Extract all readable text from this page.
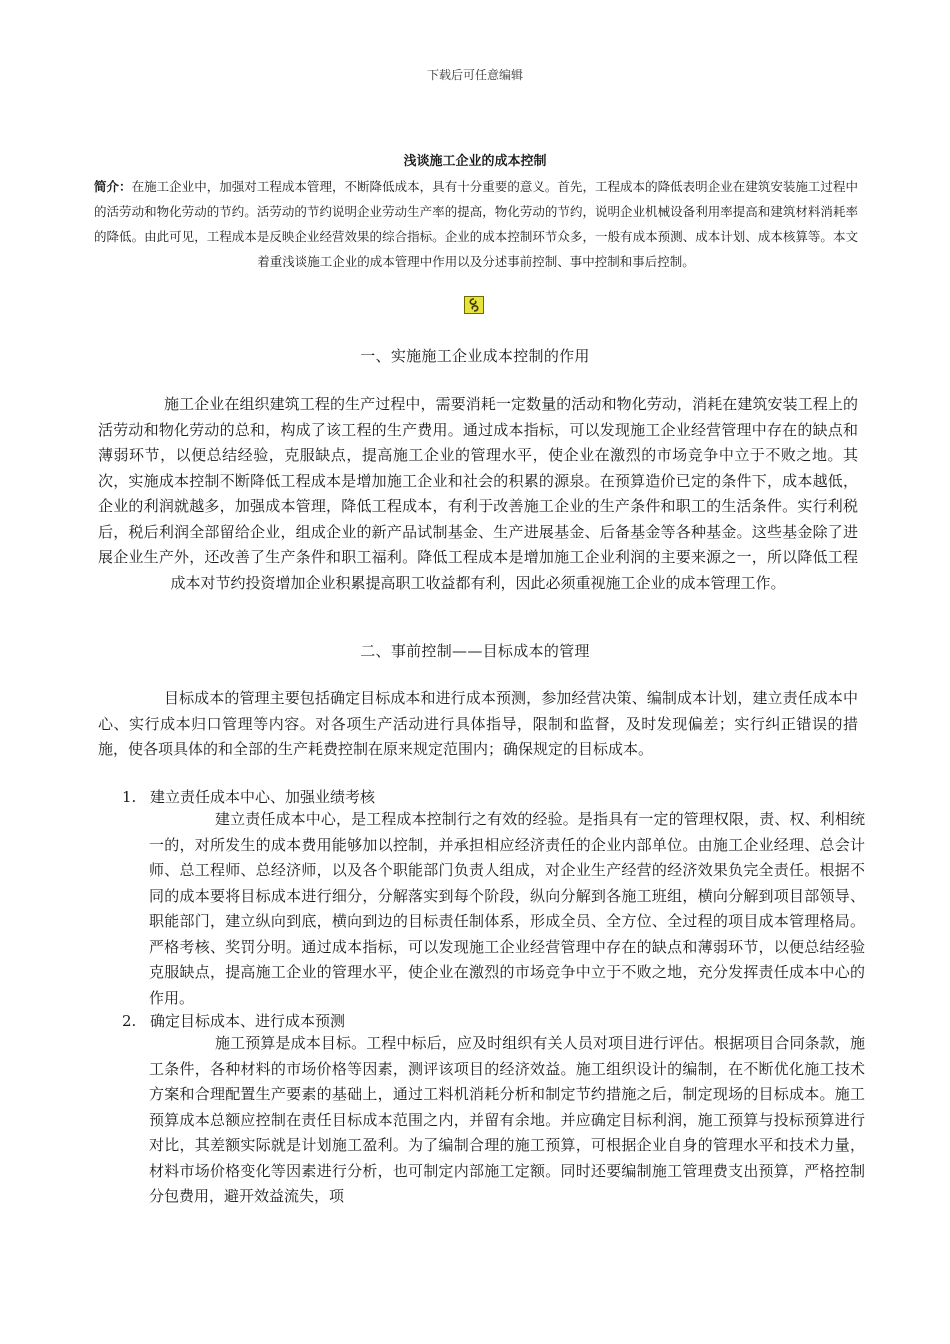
下载后可任意编辑
浅谈施工企业的成本控制
简介：在施工企业中，加强对工程成本管理，不断降低成本，具有十分重要的意义。首先，工程成本的降低表明企业在建筑安装施工过程中的活劳动和物化劳动的节约。活劳动的节约说明企业劳动生产率的提高，物化劳动的节约，说明企业机械设备利用率提高和建筑材料消耗率的降低。由此可见，工程成本是反映企业经营效果的综合指标。企业的成本控制环节众多，一般有成本预测、成本计划、成本核算等。本文着重浅谈施工企业的成本管理中作用以及分述事前控制、事中控制和事后控制。
一、实施施工企业成本控制的作用
施工企业在组织建筑工程的生产过程中，需要消耗一定数量的活动和物化劳动，消耗在建筑安装工程上的活劳动和物化劳动的总和，构成了该工程的生产费用。通过成本指标，可以发现施工企业经营管理中存在的缺点和薄弱环节，以便总结经验，克服缺点，提高施工企业的管理水平，使企业在激烈的市场竞争中立于不败之地。其次，实施成本控制不断降低工程成本是增加施工企业和社会的积累的源泉。在预算造价已定的条件下，成本越低，企业的利润就越多，加强成本管理，降低工程成本，有利于改善施工企业的生产条件和职工的生活条件。实行利税后，税后利润全部留给企业，组成企业的新产品试制基金、生产进展基金、后备基金等各种基金。这些基金除了进展企业生产外，还改善了生产条件和职工福利。降低工程成本是增加施工企业利润的主要来源之一，所以降低工程成本对节约投资增加企业积累提高职工收益都有利，因此必须重视施工企业的成本管理工作。
二、事前控制——目标成本的管理
目标成本的管理主要包括确定目标成本和进行成本预测，参加经营决策、编制成本计划，建立责任成本中心、实行成本归口管理等内容。对各项生产活动进行具体指导，限制和监督，及时发现偏差；实行纠正错误的措施，使各项具体的和全部的生产耗费控制在原来规定范围内；确保规定的目标成本。
1. 建立责任成本中心、加强业绩考核
建立责任成本中心，是工程成本控制行之有效的经验。是指具有一定的管理权限，责、权、利相统一的，对所发生的成本费用能够加以控制，并承担相应经济责任的企业内部单位。由施工企业经理、总会计师、总工程师、总经济师，以及各个职能部门负责人组成，对企业生产经营的经济效果负完全责任。根据不同的成本要将目标成本进行细分，分解落实到每个阶段，纵向分解到各施工班组，横向分解到项目部领导、职能部门，建立纵向到底，横向到边的目标责任制体系，形成全员、全方位、全过程的项目成本管理格局。严格考核、奖罚分明。通过成本指标，可以发现施工企业经营管理中存在的缺点和薄弱环节，以便总结经验克服缺点，提高施工企业的管理水平，使企业在激烈的市场竞争中立于不败之地，充分发挥责任成本中心的作用。
2. 确定目标成本、进行成本预测
施工预算是成本目标。工程中标后，应及时组织有关人员对项目进行评估。根据项目合同条款，施工条件，各种材料的市场价格等因素，测评该项目的经济效益。施工组织设计的编制，在不断优化施工技术方案和合理配置生产要素的基础上，通过工料机消耗分析和制定节约措施之后，制定现场的目标成本。施工预算成本总额应控制在责任目标成本范围之内，并留有余地。并应确定目标利润，施工预算与投标预算进行对比，其差额实际就是计划施工盈利。为了编制合理的施工预算，可根据企业自身的管理水平和技术力量，材料市场价格变化等因素进行分析，也可制定内部施工定额。同时还要编制施工管理费支出预算，严格控制分包费用，避开效益流失，项
